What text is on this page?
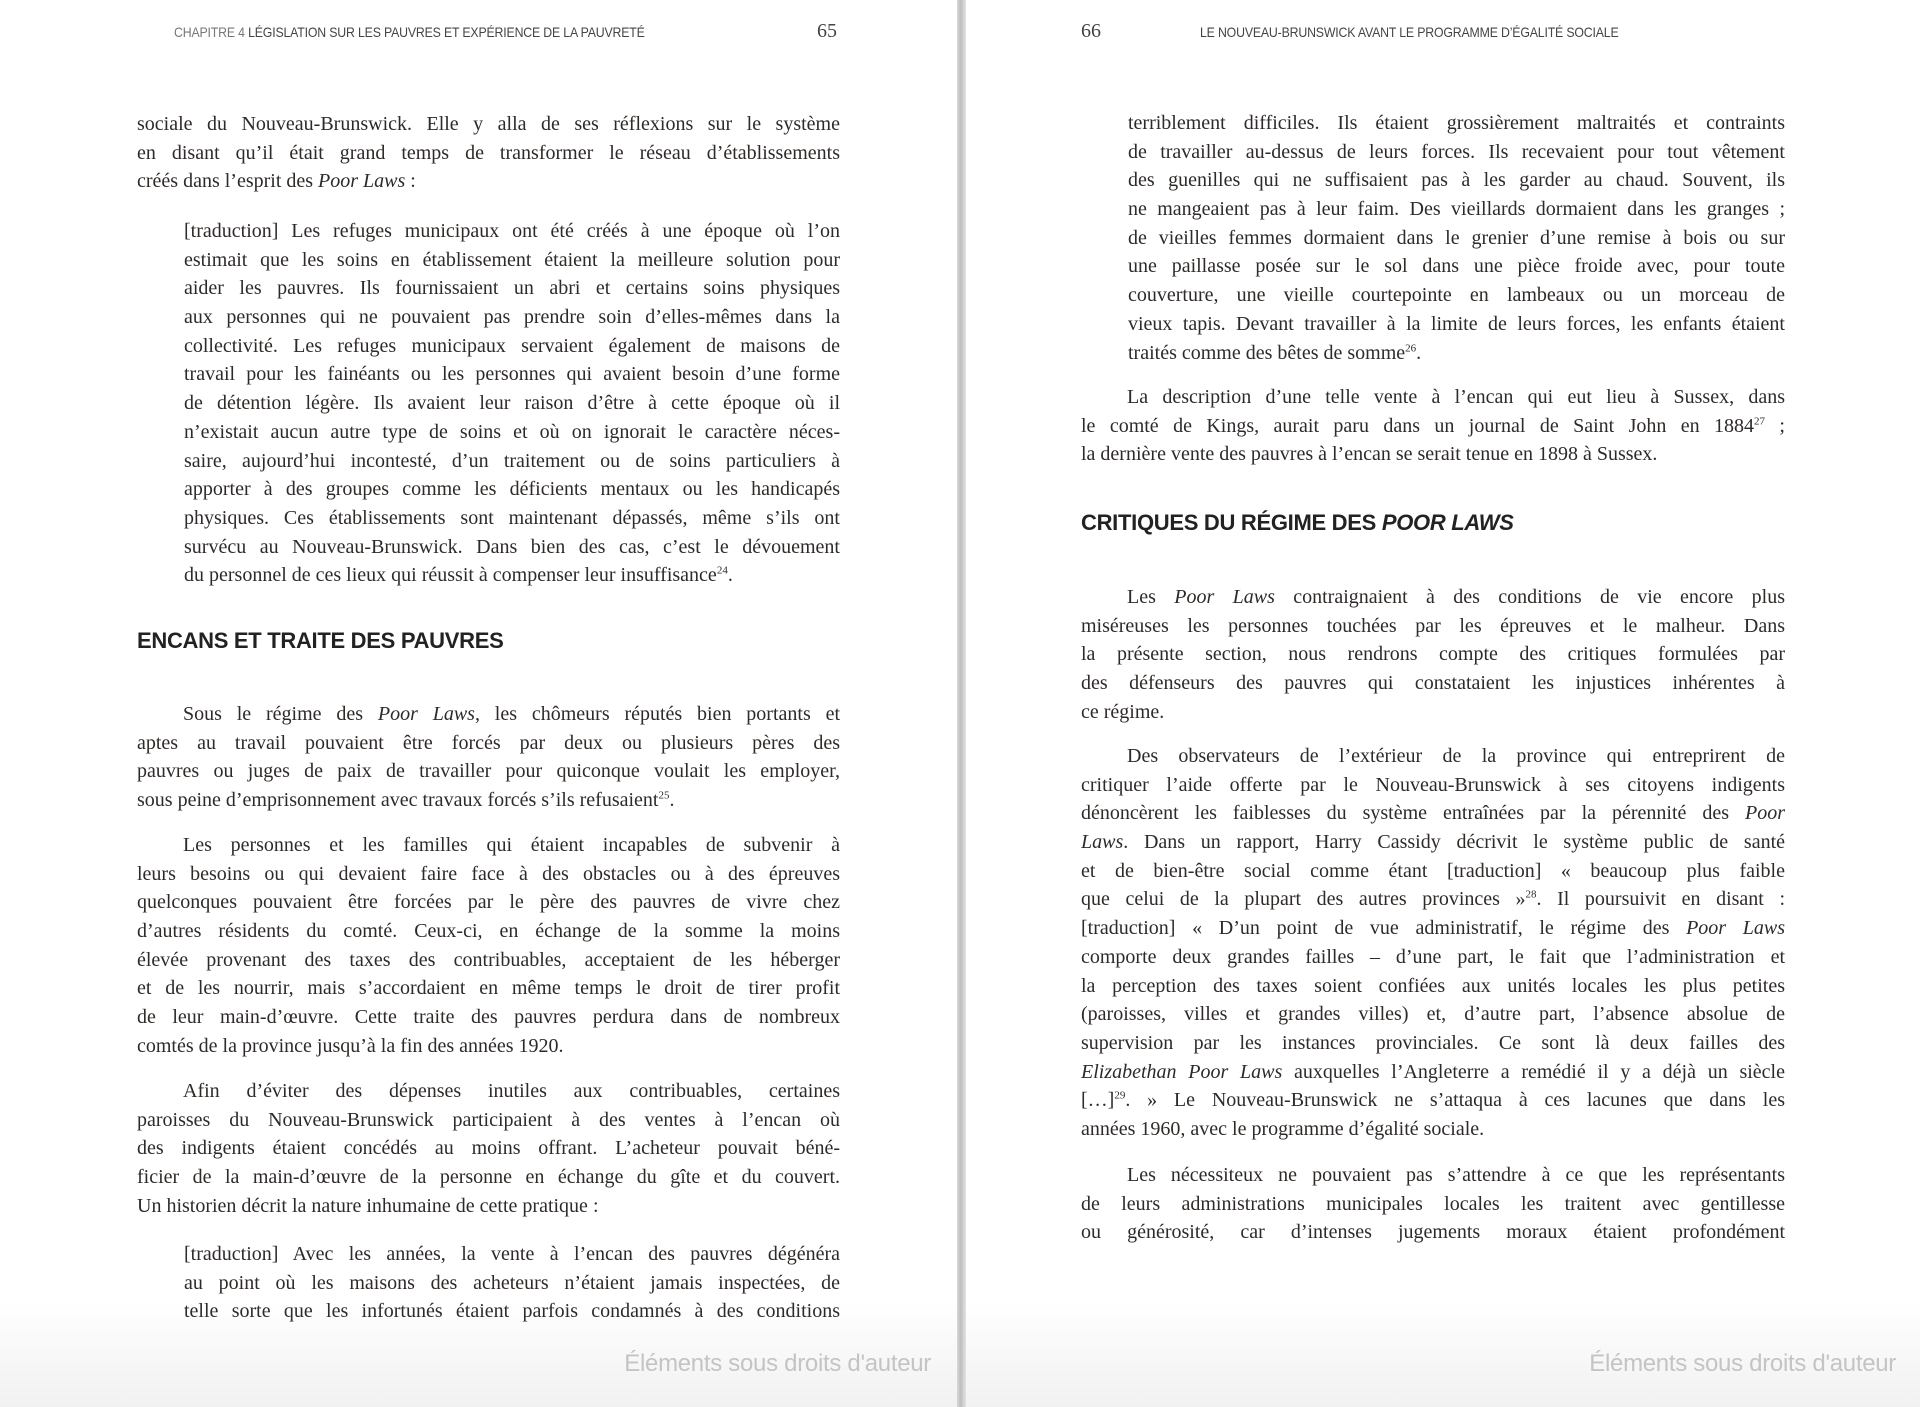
CHAPITRE 4 LÉGISLATION SUR LES PAUVRES ET EXPÉRIENCE DE LA PAUVRETÉ	65
Éléments sous droits d'auteur
sociale du Nouveau-Brunswick. Elle y alla de ses réflexions sur le système
en disant qu’il était grand temps de transformer le réseau d’établissements
créés dans l’esprit des Poor Laws :
[traduction] Les refuges municipaux ont été créés à une époque où l’on
estimait que les soins en établissement étaient la meilleure solution pour
aider les pauvres. Ils fournissaient un abri et certains soins physiques
aux personnes qui ne pouvaient pas prendre soin d’elles-mêmes dans la
collectivité. Les refuges municipaux servaient également de maisons de
travail pour les fainéants ou les personnes qui avaient besoin d’une forme
de détention légère. Ils avaient leur raison d’être à cette époque où il
n’existait aucun autre type de soins et où on ignorait le caractère néces-
saire, aujourd’hui incontesté, d’un traitement ou de soins particuliers à
apporter à des groupes comme les déficients mentaux ou les handicapés
physiques. Ces établissements sont maintenant dépassés, même s’ils ont
survécu au Nouveau-Brunswick. Dans bien des cas, c’est le dévouement
du personnel de ces lieux qui réussit à compenser leur insuffisance$^{24}$.
ENCANS ET TRAITE DES PAUVRES
Sous le régime des Poor Laws, les chômeurs réputés bien portants et
aptes au travail pouvaient être forcés par deux ou plusieurs pères des
pauvres ou juges de paix de travailler pour quiconque voulait les employer,
sous peine d’emprisonnement avec travaux forcés s’ils refusaient$^{25}$.
Les personnes et les familles qui étaient incapables de subvenir à
leurs besoins ou qui devaient faire face à des obstacles ou à des épreuves
quelconques pouvaient être forcées par le père des pauvres de vivre chez
d’autres résidents du comté. Ceux-ci, en échange de la somme la moins
élevée provenant des taxes des contribuables, acceptaient de les héberger
et de les nourrir, mais s’accordaient en même temps le droit de tirer profit
de leur main-d’œuvre. Cette traite des pauvres perdura dans de nombreux
comtés de la province jusqu’à la fin des années 1920.
Afin d’éviter des dépenses inutiles aux contribuables, certaines
paroisses du Nouveau-Brunswick participaient à des ventes à l’encan où
des indigents étaient concédés au moins offrant. L’acheteur pouvait béné-
ficier de la main-d’œuvre de la personne en échange du gîte et du couvert.
Un historien décrit la nature inhumaine de cette pratique :
[traduction] Avec les années, la vente à l’encan des pauvres dégénéra
au point où les maisons des acheteurs n’étaient jamais inspectées, de
telle sorte que les infortunés étaient parfois condamnés à des conditions
66	LE NOUVEAU-BRUNSWICK AVANT LE PROGRAMME D’ÉGALITÉ SOCIALE
Éléments sous droits d'auteur
terriblement difficiles. Ils étaient grossièrement maltraités et contraints
de travailler au-dessus de leurs forces. Ils recevaient pour tout vêtement
des guenilles qui ne suffisaient pas à les garder au chaud. Souvent, ils
ne mangeaient pas à leur faim. Des vieillards dormaient dans les granges ;
de vieilles femmes dormaient dans le grenier d’une remise à bois ou sur
une paillasse posée sur le sol dans une pièce froide avec, pour toute
couverture, une vieille courtepointe en lambeaux ou un morceau de
vieux tapis. Devant travailler à la limite de leurs forces, les enfants étaient
traités comme des bêtes de somme$^{26}$.
La description d’une telle vente à l’encan qui eut lieu à Sussex, dans
le comté de Kings, aurait paru dans un journal de Saint John en 1884$^{27}$ ;
la dernière vente des pauvres à l’encan se serait tenue en 1898 à Sussex.
CRITIQUES DU RÉGIME DES POOR LAWS
Les Poor Laws contraignaient à des conditions de vie encore plus
miséreuses les personnes touchées par les épreuves et le malheur. Dans
la présente section, nous rendrons compte des critiques formulées par
des défenseurs des pauvres qui constataient les injustices inhérentes à
ce régime.
Des observateurs de l’extérieur de la province qui entreprirent de
critiquer l’aide offerte par le Nouveau-Brunswick à ses citoyens indigents
dénoncèrent les faiblesses du système entraînées par la pérennité des Poor
Laws. Dans un rapport, Harry Cassidy décrivit le système public de santé
et de bien-être social comme étant [traduction] « beaucoup plus faible
que celui de la plupart des autres provinces »$^{28}$. Il poursuivit en disant :
[traduction] « D’un point de vue administratif, le régime des Poor Laws
comporte deux grandes failles – d’une part, le fait que l’administration et
la perception des taxes soient confiées aux unités locales les plus petites
(paroisses, villes et grandes villes) et, d’autre part, l’absence absolue de
supervision par les instances provinciales. Ce sont là deux failles des
Elizabethan Poor Laws auxquelles l’Angleterre a remédié il y a déjà un siècle
[…]$^{29}$. » Le Nouveau-Brunswick ne s’attaqua à ces lacunes que dans les
années 1960, avec le programme d’égalité sociale.
Les nécessiteux ne pouvaient pas s’attendre à ce que les représentants
de leurs administrations municipales locales les traitent avec gentillesse
ou générosité, car d’intenses jugements moraux étaient profondément
